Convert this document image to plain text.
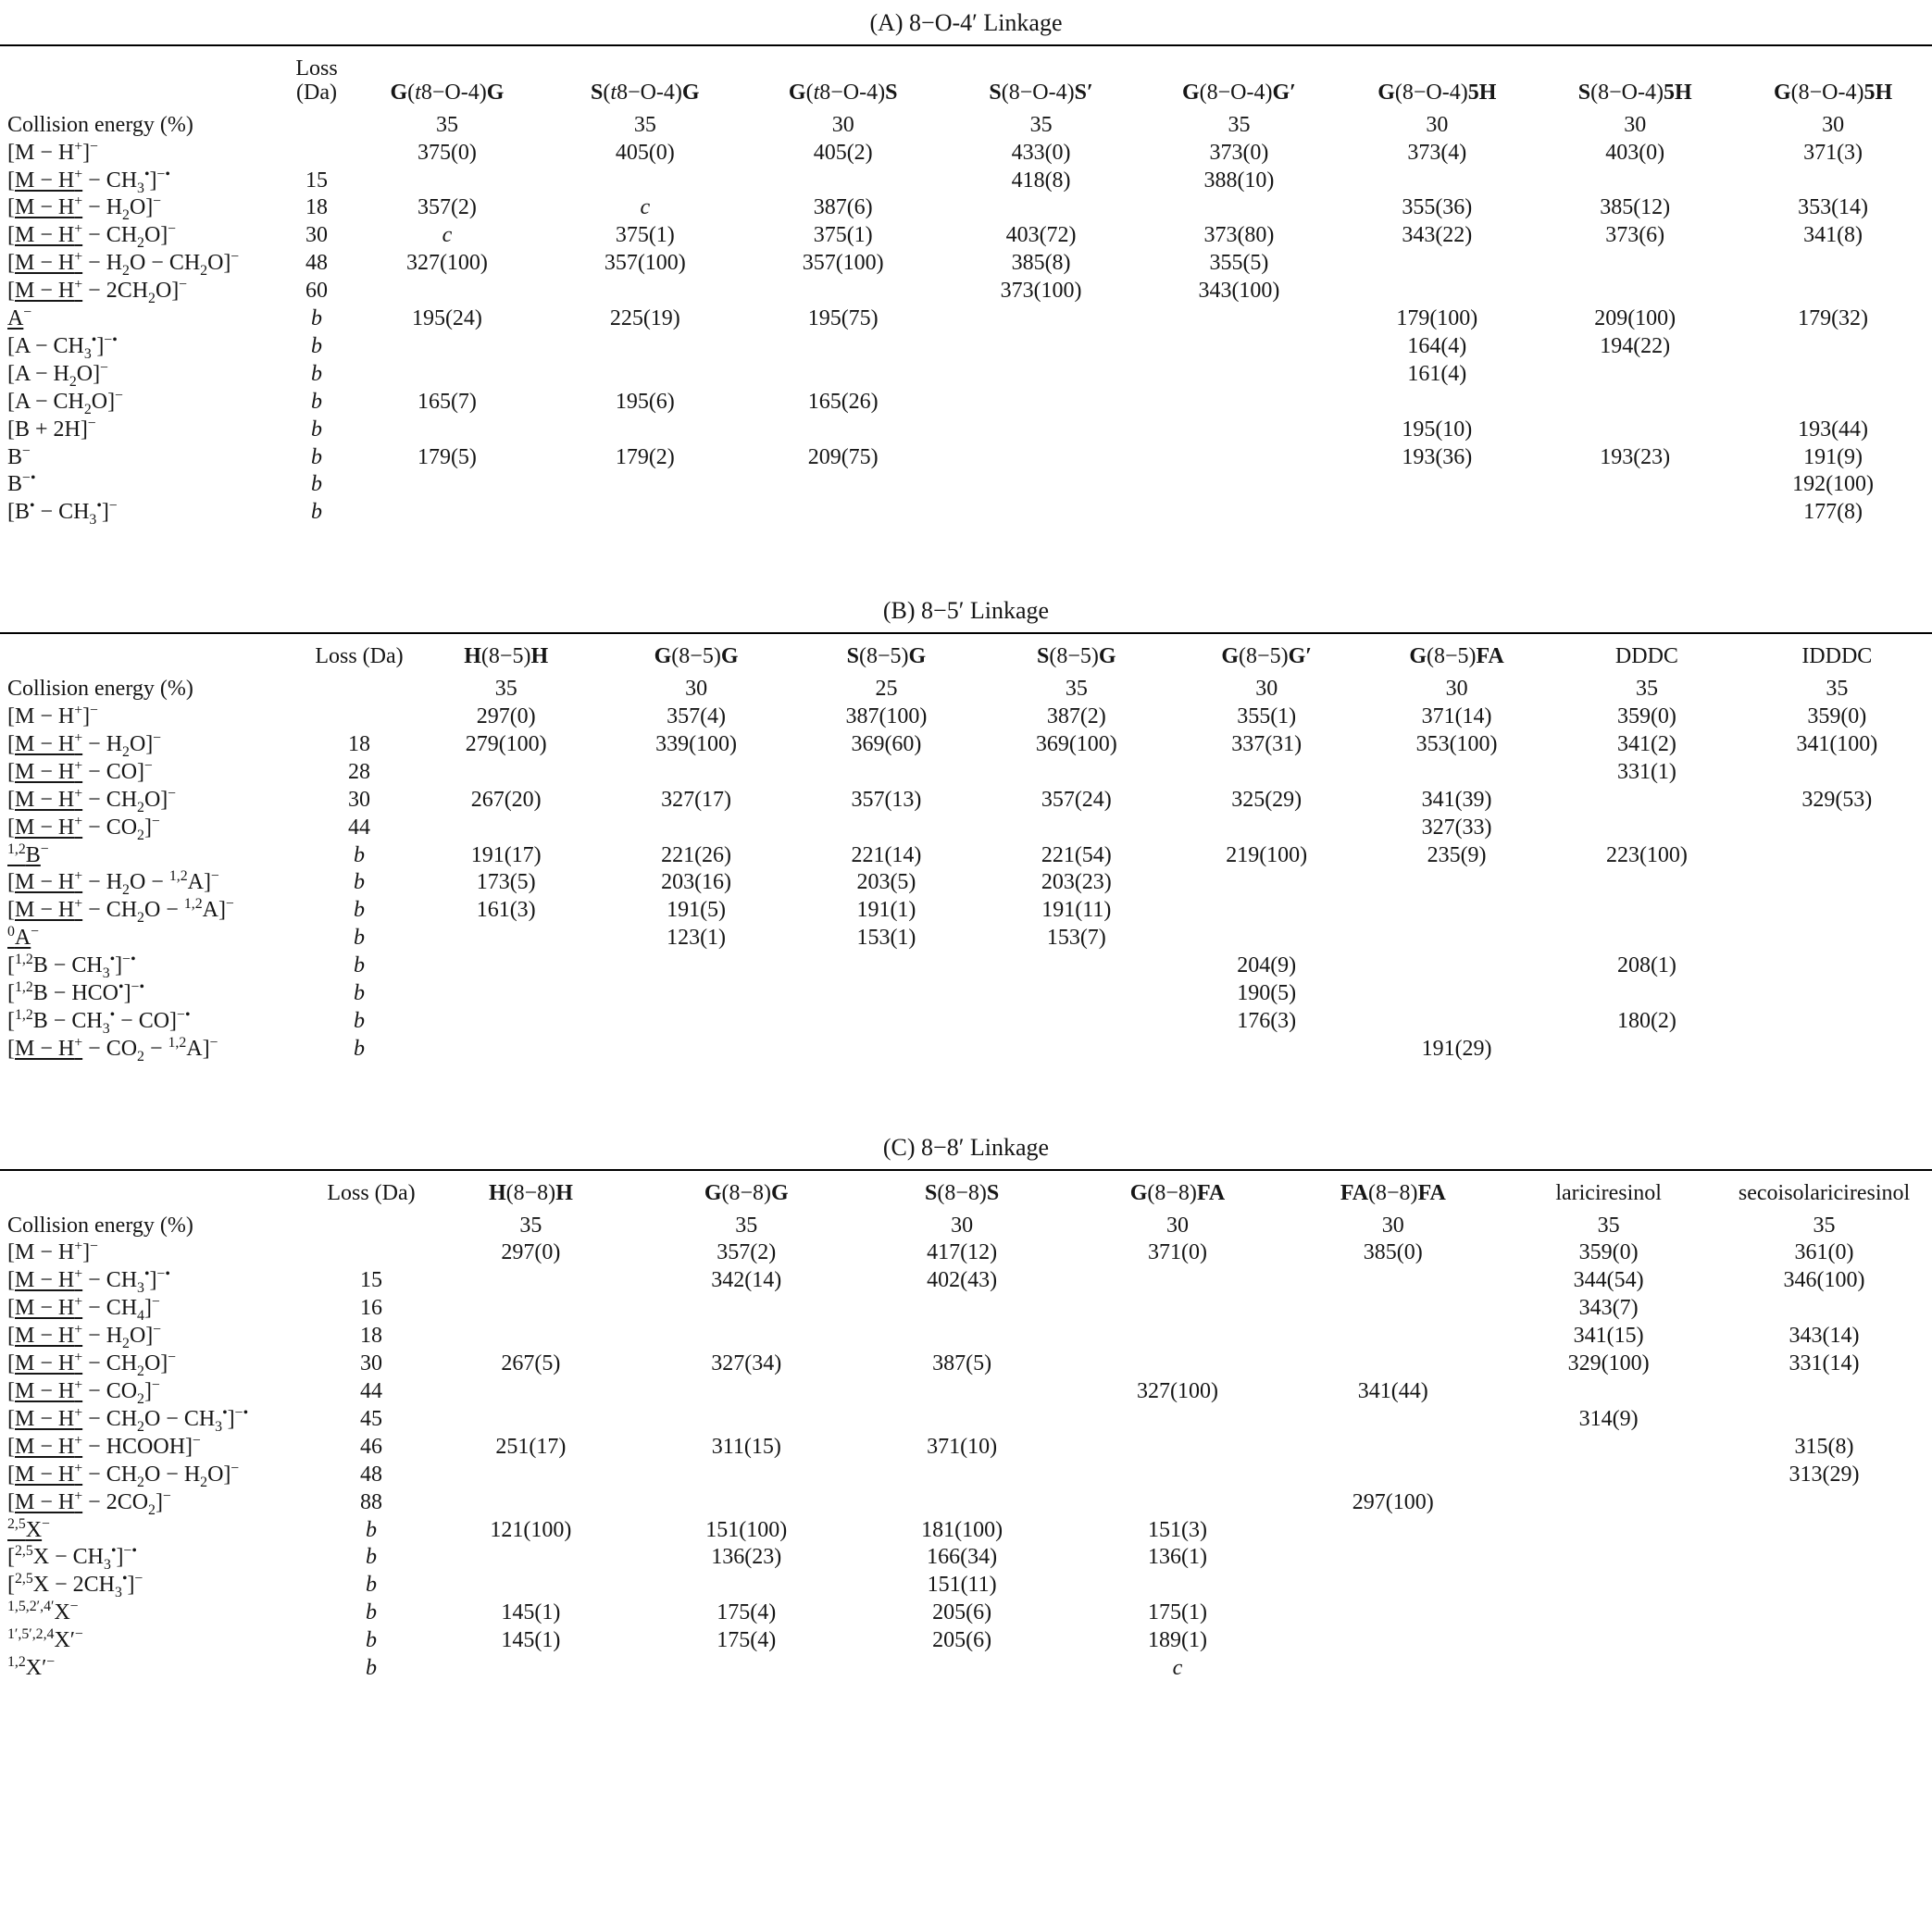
(A) 8−O-4′ Linkage
	Loss
(Da)	G(t8−O-4)G	S(t8−O-4)G	G(t8−O-4)S	S(8−O-4)S′	G(8−O-4)G′	G(8−O-4)5H	S(8−O-4)5H	G(8−O-4)5H
Collision energy (%)		35	35	30	35	35	30	30	30
[M − H+]−		375(0)	405(0)	405(2)	433(0)	373(0)	373(4)	403(0)	371(3)
$[M - H^+ - CH_3^•]^{-•}$	15				418(8)	388(10)			
$[M - H^+ - H_2O]^-$	18	357(2)	c	387(6)			355(36)	385(12)	353(14)
$[M - H^+ - CH_2O]^-$	30	c	375(1)	375(1)	403(72)	373(80)	343(22)	373(6)	341(8)
$[M - H^+ - H_2O - CH_2O]^-$	48	327(100)	357(100)	357(100)	385(8)	355(5)			
$[M - H^+ - 2CH_2O]^-$	60				373(100)	343(100)			
A−	b	195(24)	225(19)	195(75)			179(100)	209(100)	179(32)
$[A - CH_3^•]^{-•}$	b						164(4)	194(22)	
$[A - H_2O]^-$	b						161(4)		
$[A - CH_2O]^-$	b	165(7)	195(6)	165(26)					
[B + 2H]−	b						195(10)		193(44)
B−	b	179(5)	179(2)	209(75)			193(36)	193(23)	191(9)
B−•	b								192(100)
$[B^• - CH_3^•]^-$	b								177(8)
(B) 8−5′ Linkage
	Loss (Da)	H(8−5)H	G(8−5)G	S(8−5)G	S(8−5)G	G(8−5)G′	G(8−5)FA	DDDC	IDDDC
Collision energy (%)		35	30	25	35	30	30	35	35
[M − H+]−		297(0)	357(4)	387(100)	387(2)	355(1)	371(14)	359(0)	359(0)
$[M - H^+ - H_2O]^-$	18	279(100)	339(100)	369(60)	369(100)	337(31)	353(100)	341(2)	341(100)
[M − H+ − CO]−	28							331(1)	
$[M - H^+ - CH_2O]^-$	30	267(20)	327(17)	357(13)	357(24)	325(29)	341(39)		329(53)
$[M - H^+ - CO_2]^-$	44						327(33)		
$^{1,2}$B−	b	191(17)	221(26)	221(14)	221(54)	219(100)	235(9)	223(100)	
$[M - H^+ - H_2O - ^{1,2}A]^-$	b	173(5)	203(16)	203(5)	203(23)				
$[M - H^+ - CH_2O - ^{1,2}A]^-$	b	161(3)	191(5)	191(1)	191(11)				
$^0$A−	b		123(1)	153(1)	153(7)				
$[^{1,2}B - CH_3^•]^{-•}$	b					204(9)		208(1)	
[$^{1,2}$B − HCO•]−•	b					190(5)			
$[^{1,2}B - CH_3^• - CO]^{-•}$	b					176(3)		180(2)	
$[M - H^+ - CO_2 - ^{1,2}A]^-$	b						191(29)		
(C) 8−8′ Linkage
	Loss (Da)	H(8−8)H	G(8−8)G	S(8−8)S	G(8−8)FA	FA(8−8)FA	lariciresinol	secoisolariciresinol
Collision energy (%)		35	35	30	30	30	35	35
[M − H+]−		297(0)	357(2)	417(12)	371(0)	385(0)	359(0)	361(0)
$[M - H^+ - CH_3^•]^{-•}$	15		342(14)	402(43)			344(54)	346(100)
$[M - H^+ - CH_4]^-$	16						343(7)	
$[M - H^+ - H_2O]^-$	18						341(15)	343(14)
$[M - H^+ - CH_2O]^-$	30	267(5)	327(34)	387(5)			329(100)	331(14)
$[M - H^+ - CO_2]^-$	44				327(100)	341(44)		
$[M - H^+ - CH_2O - CH_3^•]^{-•}$	45						314(9)	
[M − H+ − HCOOH]−	46	251(17)	311(15)	371(10)				315(8)
$[M - H^+ - CH_2O - H_2O]^-$	48							313(29)
$[M - H^+ - 2CO_2]^-$	88					297(100)		
$^{2,5}$X−	b	121(100)	151(100)	181(100)	151(3)			
$[^{2,5}X - CH_3^•]^{-•}$	b		136(23)	166(34)	136(1)			
$[^{2,5}X - 2CH_3^•]^-$	b			151(11)				
$^{1,5,2',4'}$X−	b	145(1)	175(4)	205(6)	175(1)			
$^{1',5',2,4}$X′−	b	145(1)	175(4)	205(6)	189(1)			
$^{1,2}$X′−	b				c			
